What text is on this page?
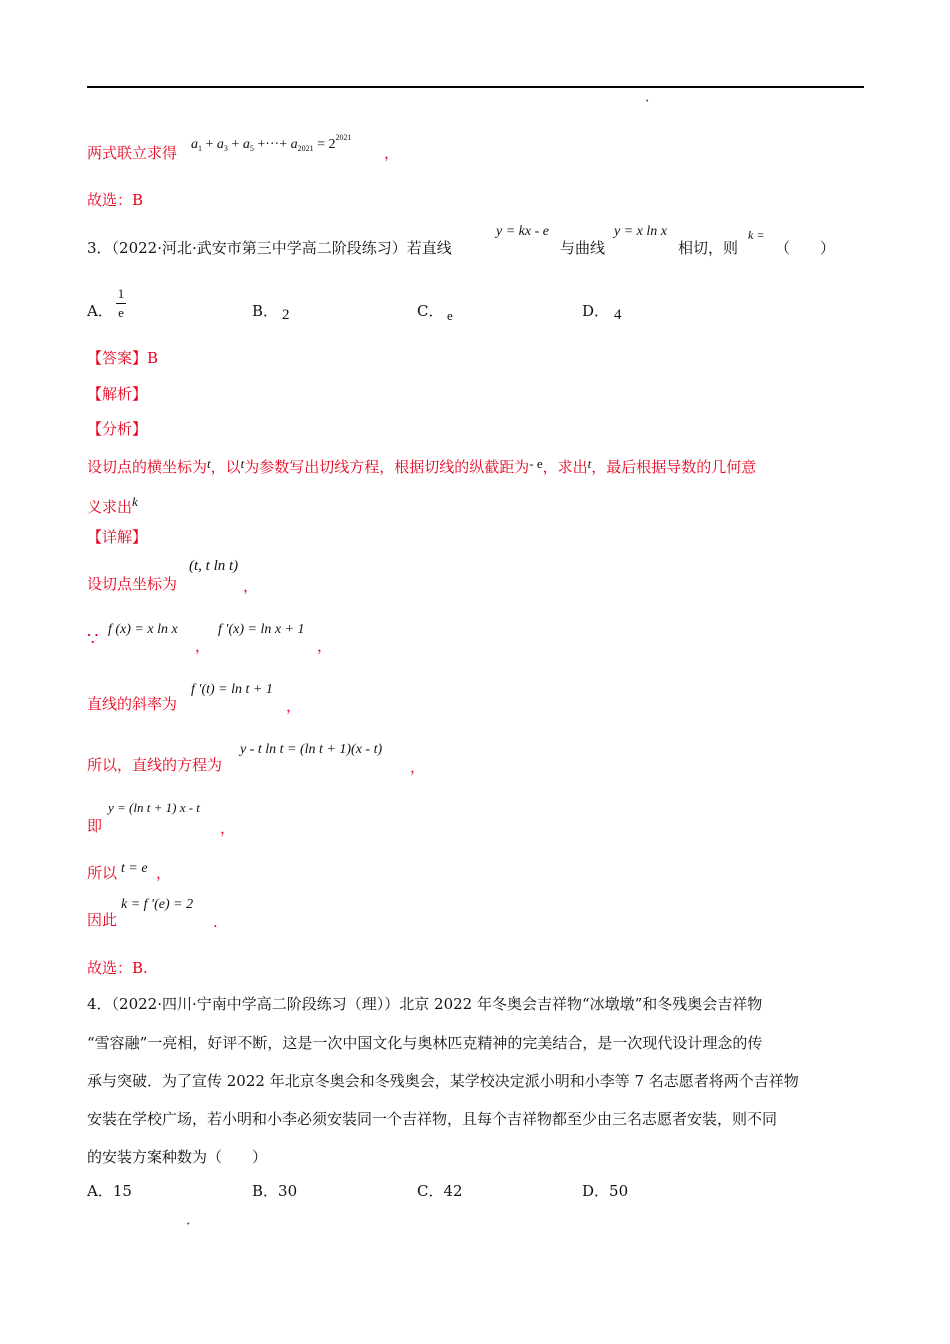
•
两式联立求得 $a_1 + a_3 + a_5$ +···+ $a_{2021} = 2^{2021}$
，
故选：B
3．（2022·河北·武安市第三中学高二阶段练习）若直线
y = kx - e
与曲线
y = x ln x
相切，则
k =
（　　）
A．
1
e	B． 2	C． e	D． 4
【答案】B
【解析】
【分析】
设切点的横坐标为t，以t为参数写出切线方程，根据切线的纵截距为- e，求出t，最后根据导数的几何意
义求出k
【详解】
设切点坐标为
(t, t ln t)
，
∵ f (x) = x ln x
，
f ′(x) = ln x + 1
，
直线的斜率为
f ′(t) = ln t + 1
，
所以，直线的方程为
y - t ln t = (ln t + 1)(x - t)
，
即
y = (ln t + 1) x - t
，
所以 t = e ，
因此
k = f ′(e) = 2
.
故选：B.
4．（2022·四川·宁南中学高二阶段练习（理））北京 2022 年冬奥会吉祥物“冰墩墩”和冬残奥会吉祥物
“雪容融”一亮相，好评不断，这是一次中国文化与奥林匹克精神的完美结合，是一次现代设计理念的传
承与突破．为了宣传 2022 年北京冬奥会和冬残奥会，某学校决定派小明和小李等 7 名志愿者将两个吉祥物
安装在学校广场，若小明和小李必须安装同一个吉祥物，且每个吉祥物都至少由三名志愿者安装，则不同
的安装方案种数为（　　）
A．15	B．30	C．42	D．50
•
